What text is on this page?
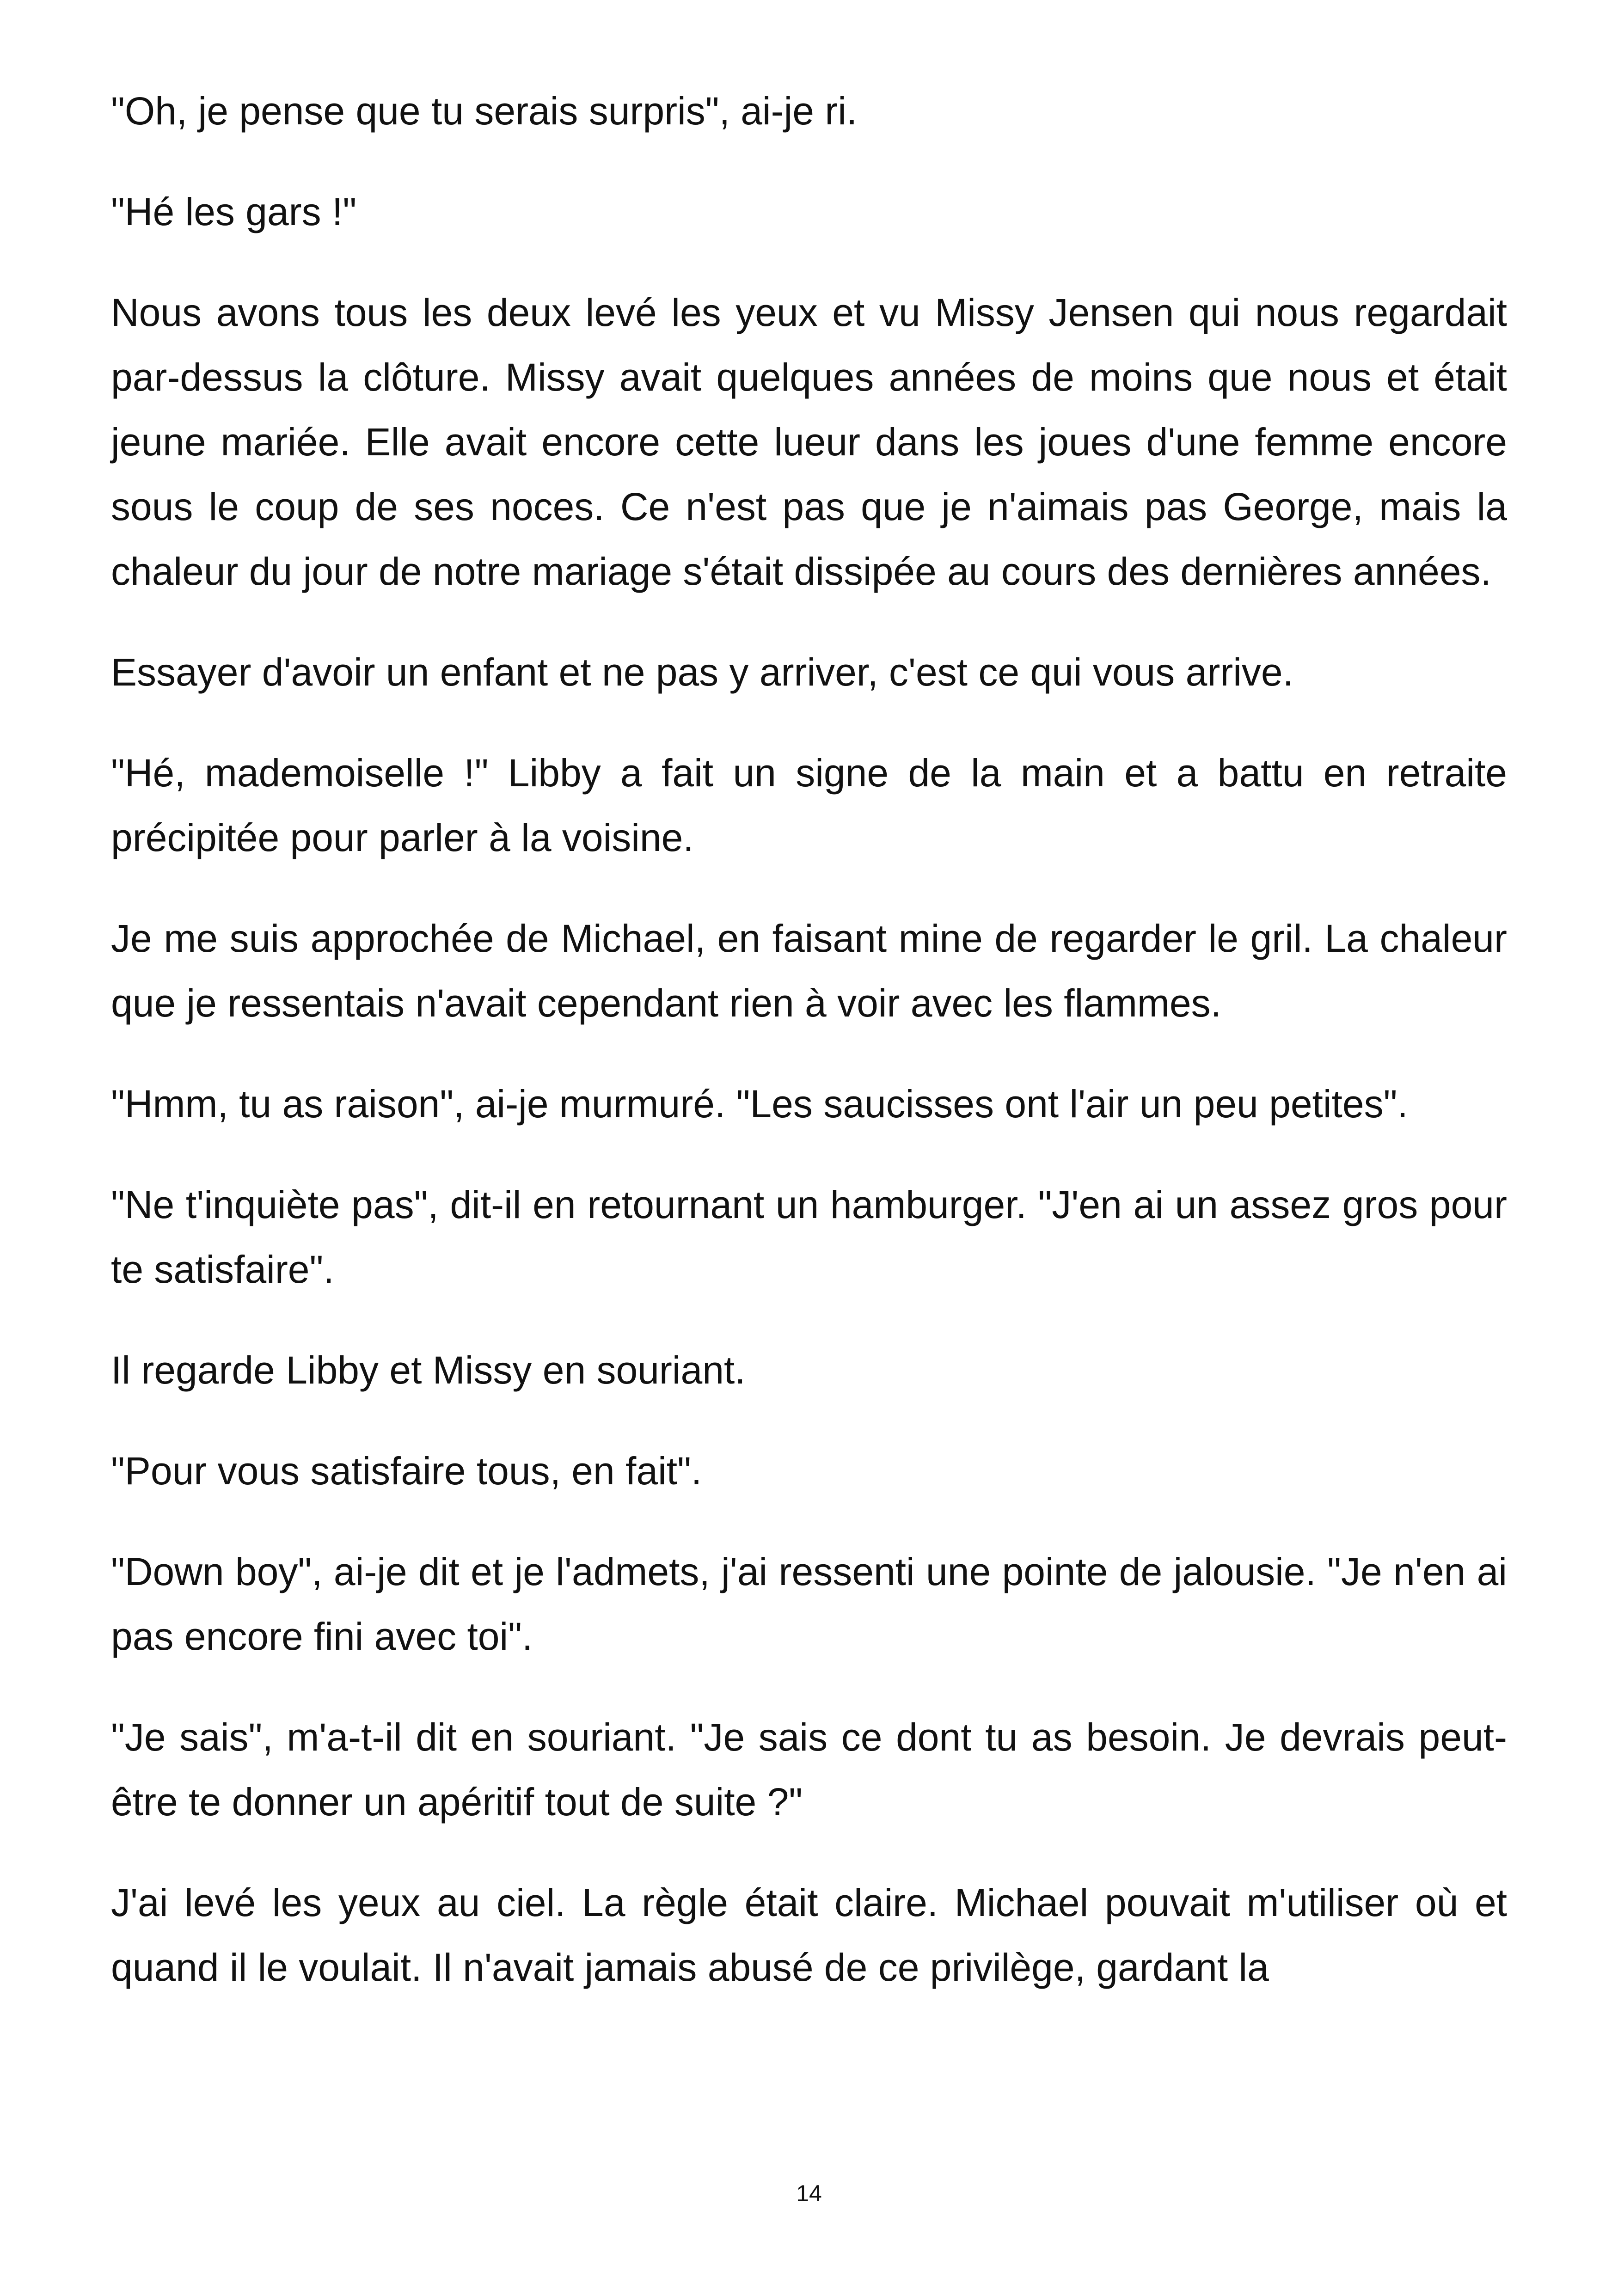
"Oh, je pense que tu serais surpris", ai-je ri.

"Hé les gars !"

Nous avons tous les deux levé les yeux et vu Missy Jensen qui nous regardait par-dessus la clôture. Missy avait quelques années de moins que nous et était jeune mariée. Elle avait encore cette lueur dans les joues d'une femme encore sous le coup de ses noces. Ce n'est pas que je n'aimais pas George, mais la chaleur du jour de notre mariage s'était dissipée au cours des dernières années.

Essayer d'avoir un enfant et ne pas y arriver, c'est ce qui vous arrive.

"Hé, mademoiselle !" Libby a fait un signe de la main et a battu en retraite précipitée pour parler à la voisine.

Je me suis approchée de Michael, en faisant mine de regarder le gril. La chaleur que je ressentais n'avait cependant rien à voir avec les flammes.

"Hmm, tu as raison", ai-je murmuré. "Les saucisses ont l'air un peu petites".

"Ne t'inquiète pas", dit-il en retournant un hamburger. "J'en ai un assez gros pour te satisfaire".

Il regarde Libby et Missy en souriant.

"Pour vous satisfaire tous, en fait".

"Down boy", ai-je dit et je l'admets, j'ai ressenti une pointe de jalousie. "Je n'en ai pas encore fini avec toi".

"Je sais", m'a-t-il dit en souriant. "Je sais ce dont tu as besoin. Je devrais peut-être te donner un apéritif tout de suite ?"

J'ai levé les yeux au ciel. La règle était claire. Michael pouvait m'utiliser où et quand il le voulait. Il n'avait jamais abusé de ce privilège, gardant la

14
